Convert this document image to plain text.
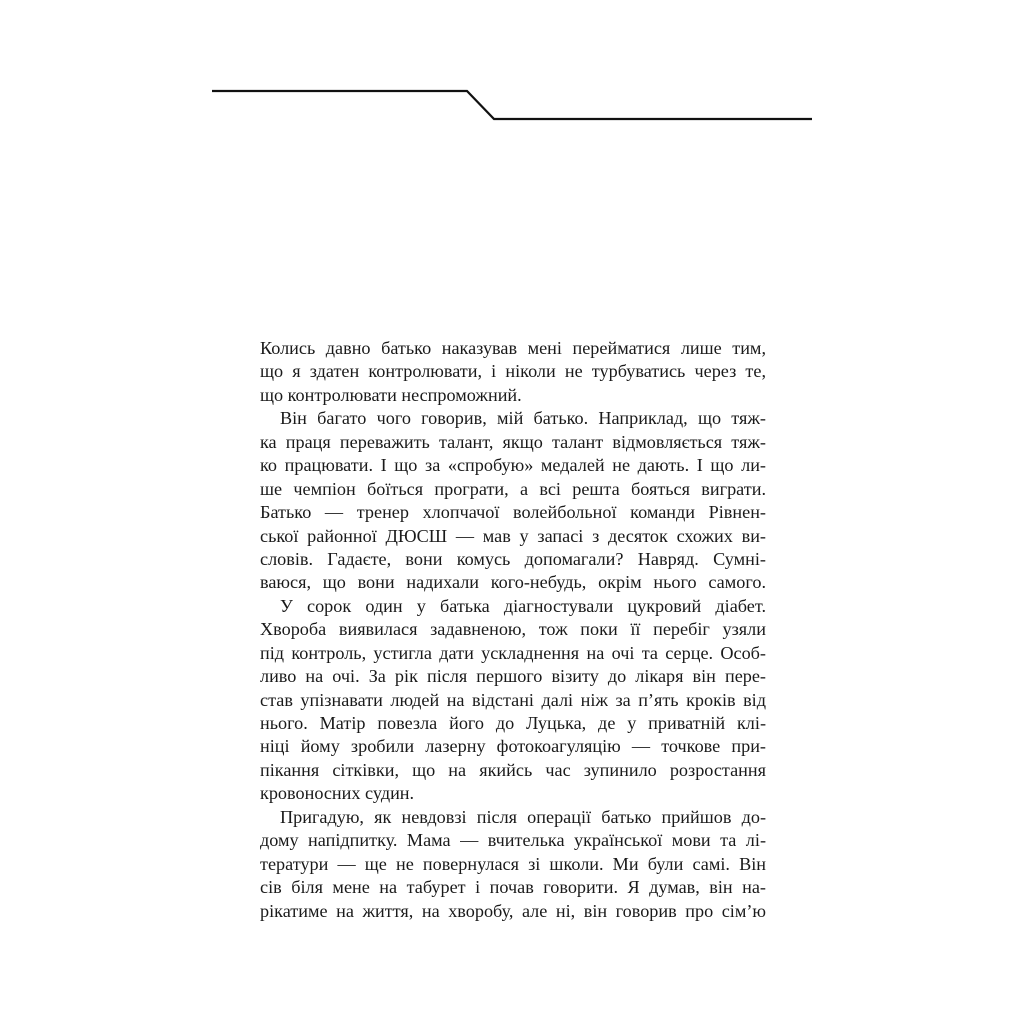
Колись давно батько наказував мені перейматися лише тим,
що я здатен контролювати, і ніколи не турбуватись через те,
що контролювати неспроможний.
Він багато чого говорив, мій батько. Наприклад, що тяж-
ка праця переважить талант, якщо талант відмовляється тяж-
ко працювати. І що за «спробую» медалей не дають. І що ли-
ше чемпіон боїться програти, а всі решта бояться виграти.
Батько — тренер хлопчачої волейбольної команди Рівнен-
ської районної ДЮСШ — мав у запасі з десяток схожих ви-
словів. Гадаєте, вони комусь допомагали? Навряд. Сумні-
ваюся, що вони надихали кого-небудь, окрім нього самого.
У сорок один у батька діагностували цукровий діабет.
Хвороба виявилася задавненою, тож поки її перебіг узяли
під контроль, устигла дати ускладнення на очі та серце. Особ-
ливо на очі. За рік після першого візиту до лікаря він пере-
став упізнавати людей на відстані далі ніж за п’ять кроків від
нього. Матір повезла його до Луцька, де у приватній клі-
ніці йому зробили лазерну фотокоагуляцію — точкове при-
пікання сітківки, що на якийсь час зупинило розростання
кровоносних судин.
Пригадую, як невдовзі після операції батько прийшов до-
дому напідпитку. Мама — вчителька української мови та лі-
тератури — ще не повернулася зі школи. Ми були самі. Він
сів біля мене на табурет і почав говорити. Я думав, він на-
рікатиме на життя, на хворобу, але ні, він говорив про сім’ю
